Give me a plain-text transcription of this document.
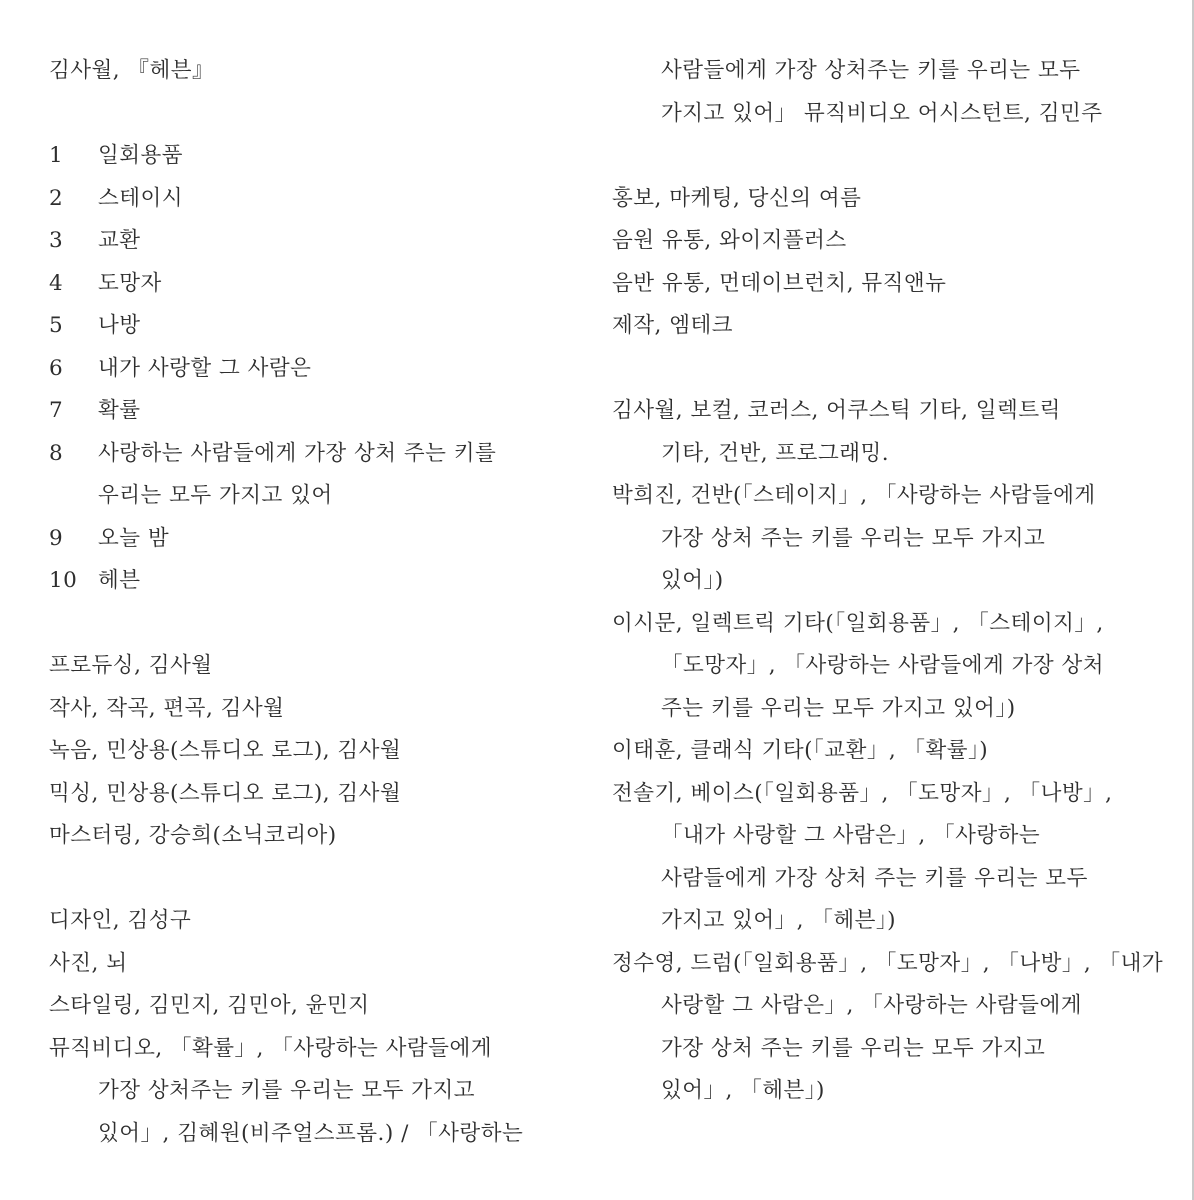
김사월, 『헤븐』
1	일회용품
2	스테이시
3	교환
4	도망자
5	나방
6	내가 사랑할 그 사람은
7	확률
8	사랑하는 사람들에게 가장 상처 주는 키를
우리는 모두 가지고 있어
9	오늘 밤
10 헤븐
프로듀싱, 김사월
작사, 작곡, 편곡, 김사월
녹음, 민상용(스튜디오 로그), 김사월
믹싱, 민상용(스튜디오 로그), 김사월
마스터링, 강승희(소닉코리아)
디자인, 김성구
사진, 뇌
스타일링, 김민지, 김민아, 윤민지
뮤직비디오, 「확률」, 「사랑하는 사람들에게
가장 상처주는 키를 우리는 모두 가지고
있어」, 김혜원(비주얼스프롬.) / 「사랑하는
사람들에게 가장 상처주는 키를 우리는 모두
가지고 있어」 뮤직비디오 어시스턴트, 김민주
홍보, 마케팅, 당신의 여름
음원 유통, 와이지플러스
음반 유통, 먼데이브런치, 뮤직앤뉴
제작, 엠테크
김사월, 보컬, 코러스, 어쿠스틱 기타, 일렉트릭
기타, 건반, 프로그래밍.
박희진, 건반(「스테이지」, 「사랑하는 사람들에게
가장 상처 주는 키를 우리는 모두 가지고
있어」)
이시문, 일렉트릭 기타(「일회용품」, 「스테이지」,
「도망자」, 「사랑하는 사람들에게 가장 상처
주는 키를 우리는 모두 가지고 있어」)
이태훈, 클래식 기타(「교환」, 「확률」)
전솔기, 베이스(「일회용품」, 「도망자」, 「나방」,
「내가 사랑할 그 사람은」, 「사랑하는
사람들에게 가장 상처 주는 키를 우리는 모두
가지고 있어」, 「헤븐」)
정수영, 드럼(「일회용품」, 「도망자」, 「나방」, 「내가
사랑할 그 사람은」, 「사랑하는 사람들에게
가장 상처 주는 키를 우리는 모두 가지고
있어」, 「헤븐」)
